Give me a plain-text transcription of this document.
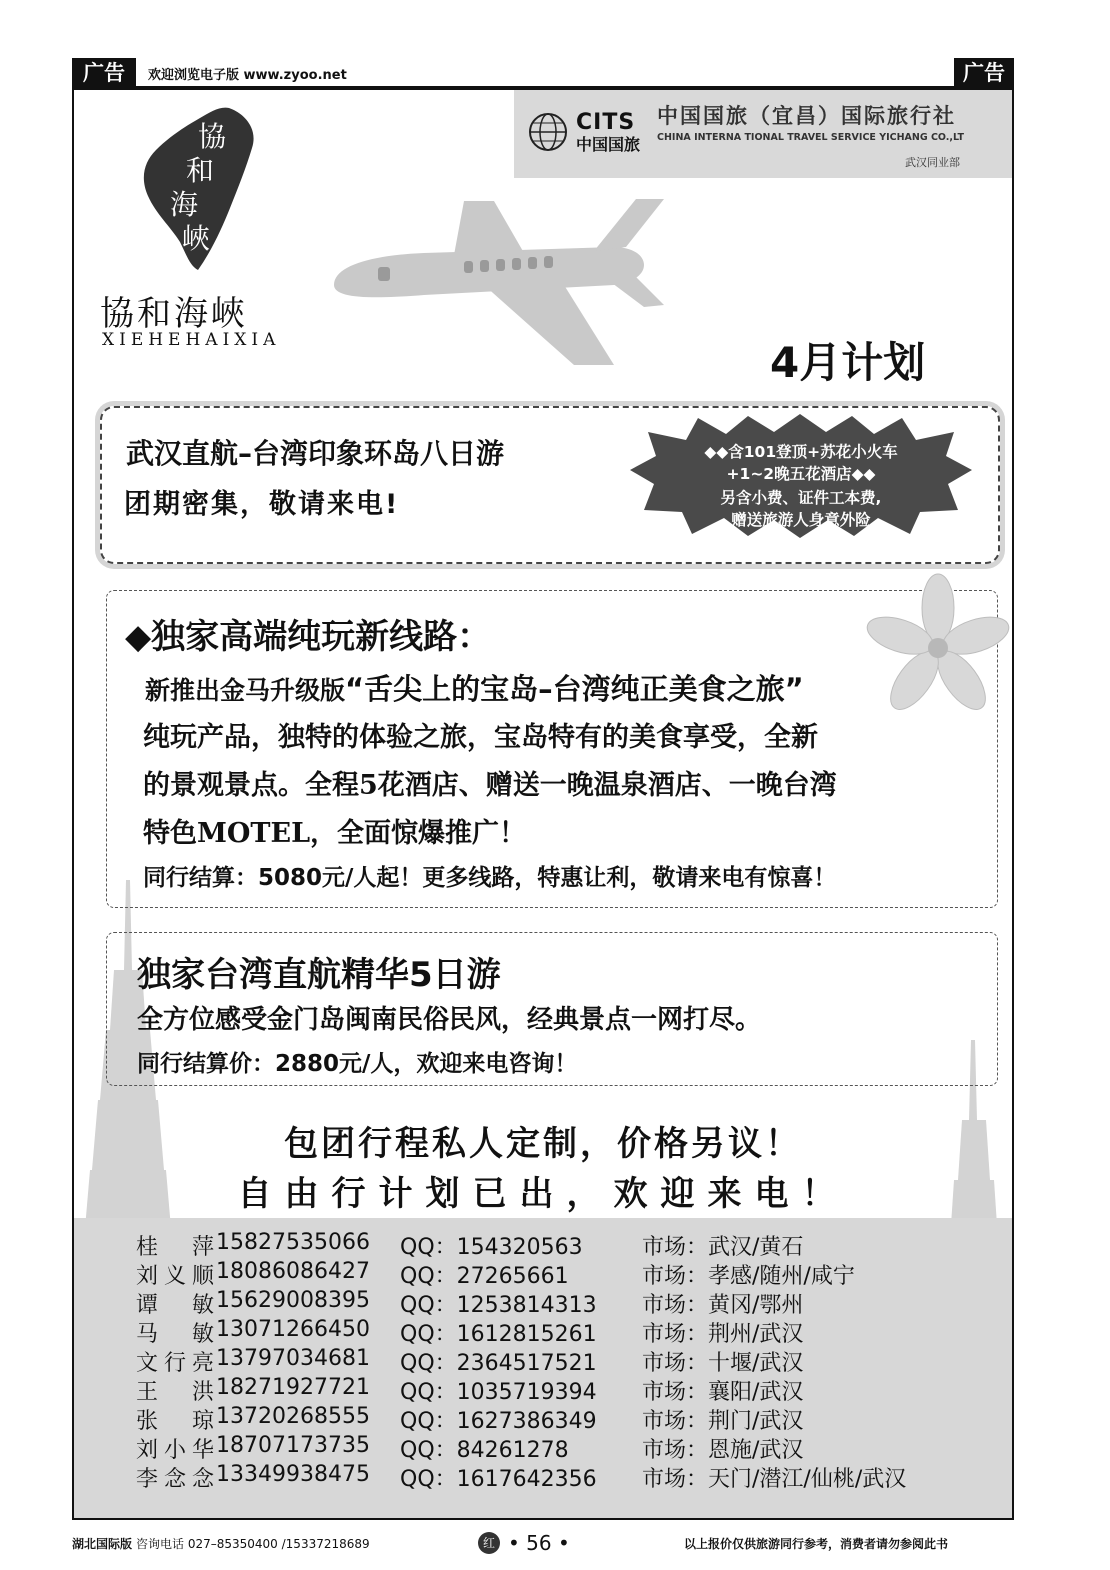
广告	欢迎浏览电子版 www.zyoo.net	广告
CITS
中国国旅
中国国旅（宜昌）国际旅行社
CHINA INTERNA TIONAL TRAVEL SERVICE YICHANG CO.,LT
武汉同业部
協
和
海
峽
協和海峽
XIEHEHAIXIA	4月计划
武汉直航–台湾印象环岛八日游
团期密集，敬请来电!
◆◆含101登顶+苏花小火车
+1~2晚五花酒店◆◆
另含小费、证件工本费,
赠送旅游人身意外险
◆独家高端纯玩新线路：
新推出金马升级版“舌尖上的宝岛–台湾纯正美食之旅”
纯玩产品，独特的体验之旅，宝岛特有的美食享受，全新
的景观景点。全程5花酒店、赠送一晚温泉酒店、一晚台湾
特色MOTEL，全面惊爆推广！
同行结算：5080元/人起！更多线路，特惠让利，敬请来电有惊喜！
独家台湾直航精华5日游
全方位感受金门岛闽南民俗民风，经典景点一网打尽。
同行结算价：2880元/人，欢迎来电咨询！
包团行程私人定制，价格另议！
自由行计划已出，欢迎来电！
桂萍 15827535066 QQ：154320563	市场：武汉/黄石
刘义顺 18086086427 QQ：27265661	市场：孝感/随州/咸宁
谭敏 15629008395 QQ：1253814313 市场：黄冈/鄂州
马敏 13071266450 QQ：1612815261 市场：荆州/武汉
文行亮 13797034681 QQ：2364517521 市场：十堰/武汉
王洪 18271927721 QQ：1035719394 市场：襄阳/武汉
张琼 13720268555 QQ：1627386349 市场：荆门/武汉
刘小华 18707173735 QQ：84261278	市场：恩施/武汉
李念念 13349938475 QQ：1617642356 市场：天门/潜江/仙桃/武汉
湖北国际版 咨询电话 027–85350400 /15337218689	红 • 56 •	以上报价仅供旅游同行参考，消费者请勿参阅此书
